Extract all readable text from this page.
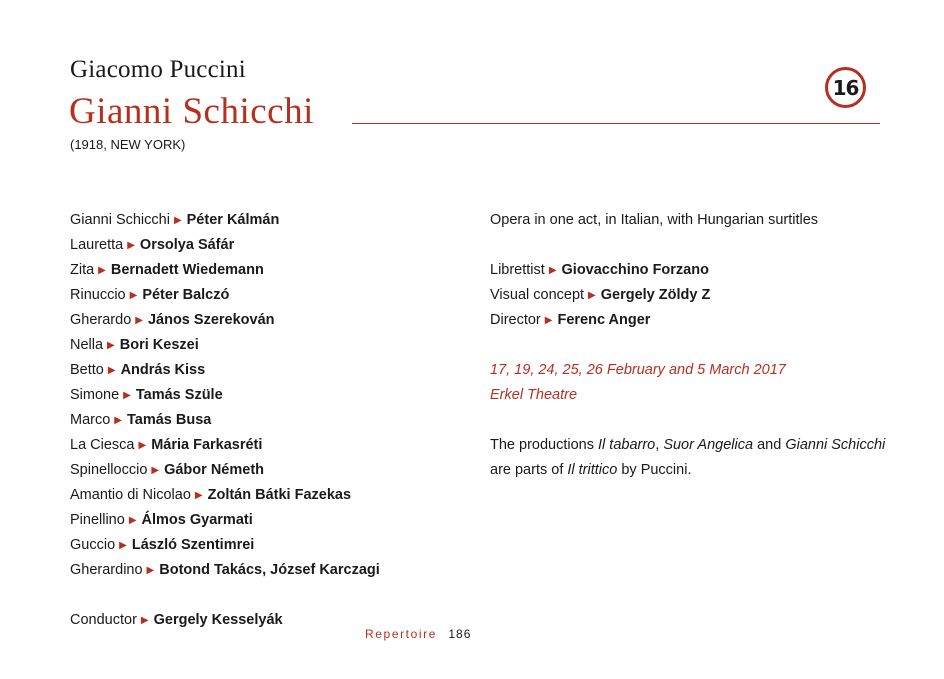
Giacomo Puccini
Gianni Schicchi
16
(1918, NEW YORK)
Gianni Schicchi ▶ Péter Kálmán
Lauretta ▶ Orsolya Sáfár
Zita ▶ Bernadett Wiedemann
Rinuccio ▶ Péter Balczó
Gherardo ▶ János Szerekován
Nella ▶ Bori Keszei
Betto ▶ András Kiss
Simone ▶ Tamás Szüle
Marco ▶ Tamás Busa
La Ciesca ▶ Mária Farkasréti
Spinelloccio ▶ Gábor Németh
Amantio di Nicolao ▶ Zoltán Bátki Fazekas
Pinellino ▶ Álmos Gyarmati
Guccio ▶ László Szentimrei
Gherardino ▶ Botond Takács, József Karczagi
Conductor ▶ Gergely Kesselyák
Opera in one act, in Italian, with Hungarian surtitles
Librettist ▶ Giovacchino Forzano
Visual concept ▶ Gergely Zöldy Z
Director ▶ Ferenc Anger
17, 19, 24, 25, 26 February and 5 March 2017
Erkel Theatre
The productions Il tabarro, Suor Angelica and Gianni Schicchi
are parts of Il trittico by Puccini.
Repertoire 186
